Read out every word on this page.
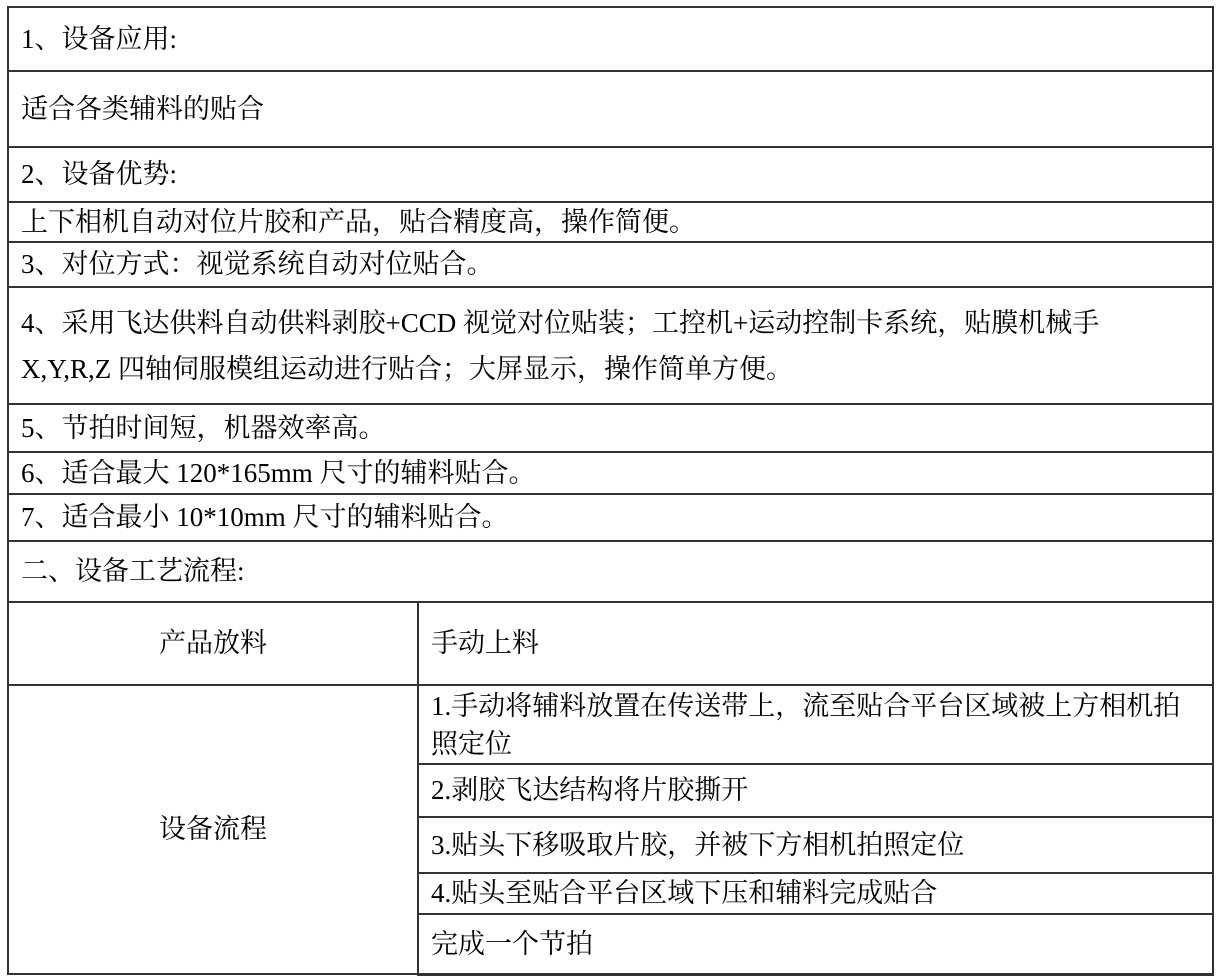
1、设备应用:	
适合各类辅料的贴合	
2、设备优势:	
上下相机自动对位片胶和产品，贴合精度高，操作简便。	
3、对位方式：视觉系统自动对位贴合。	

4、采用飞达供料自动供料剥胶+CCD 视觉对位贴装；工控机+运动控制卡系统，贴膜机械手
X,Y,R,Z 四轴伺服模组运动进行贴合；大屏显示，操作简单方便。	

5、节拍时间短，机器效率高。	
6、适合最大 120*165mm 尺寸的辅料贴合。	
7、适合最小 10*10mm 尺寸的辅料贴合。	
二、设备工艺流程:	
产品放料	手动上料
设备流程	1.手动将辅料放置在传送带上，流至贴合平台区域被上方相机拍照定位

	2.剥胶飞达结构将片胶撕开
	3.贴头下移吸取片胶，并被下方相机拍照定位
	4.贴头至贴合平台区域下压和辅料完成贴合
	完成一个节拍
